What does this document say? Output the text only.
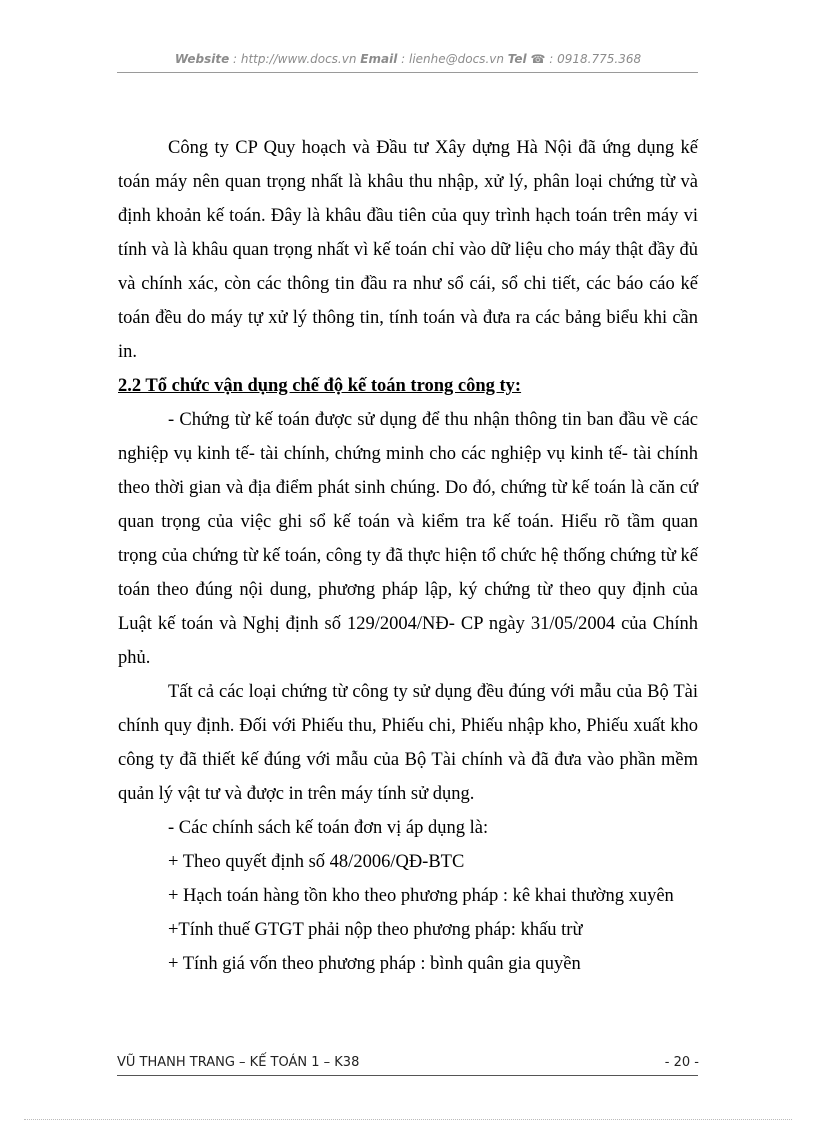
Website : http://www.docs.vn Email : lienhe@docs.vn Tel ☎ : 0918.775.368

Công ty CP Quy hoạch và Đầu tư Xây dựng Hà Nội đã ứng dụng kế toán máy nên quan trọng nhất là khâu thu nhập, xử lý, phân loại chứng từ và định khoản kế toán. Đây là khâu đầu tiên của quy trình hạch toán trên máy vi tính và là khâu quan trọng nhất vì kế toán chỉ vào dữ liệu cho máy thật đầy đủ và chính xác, còn các thông tin đầu ra như sổ cái, sổ chi tiết, các báo cáo kế toán đều do máy tự xử lý thông tin, tính toán và đưa ra các bảng biểu khi cần in.

2.2 Tổ chức vận dụng chế độ kế toán trong công ty:

- Chứng từ kế toán được sử dụng để thu nhận thông tin ban đầu về các nghiệp vụ kinh tế- tài chính, chứng minh cho các nghiệp vụ kinh tế- tài chính theo thời gian và địa điểm phát sinh chúng. Do đó, chứng từ kế toán là căn cứ quan trọng của việc ghi sổ kế toán và kiểm tra kế toán. Hiểu rõ tầm quan trọng của chứng từ kế toán, công ty đã thực hiện tổ chức hệ thống chứng từ kế toán theo đúng nội dung, phương pháp lập, ký chứng từ theo quy định của Luật kế toán và Nghị định số 129/2004/NĐ- CP ngày 31/05/2004 của Chính phủ.

Tất cả các loại chứng từ công ty sử dụng đều đúng với mẫu của Bộ Tài chính quy định. Đối với Phiếu thu, Phiếu chi, Phiếu nhập kho, Phiếu xuất kho công ty đã thiết kế đúng với mẫu của Bộ Tài chính và đã đưa vào phần mềm quản lý vật tư và được in trên máy tính sử dụng.

- Các chính sách kế toán đơn vị áp dụng là:

+ Theo quyết định số 48/2006/QĐ-BTC

+ Hạch toán hàng tồn kho theo phương pháp : kê khai thường xuyên

+Tính thuế GTGT phải nộp theo phương pháp: khấu trừ

+ Tính giá vốn theo phương pháp : bình quân gia quyền

VŨ THANH TRANG – KẾ TOÁN 1 – K38	- 20 -
